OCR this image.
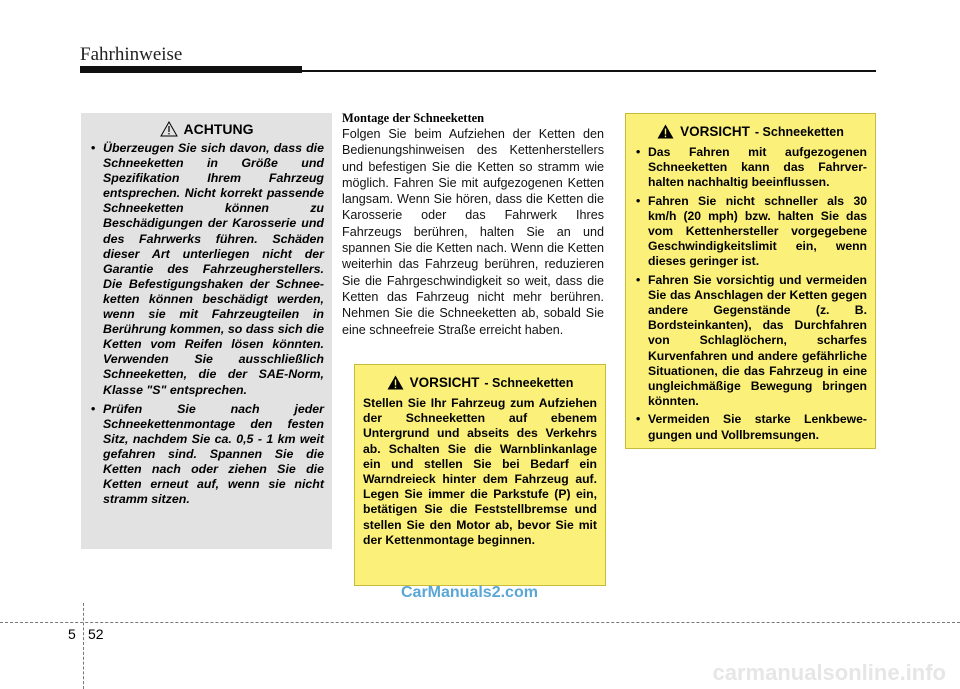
Fahrhinweise
ACHTUNG
• Überzeugen Sie sich davon, dass die Schneeketten in Größe und Spezifikation Ihrem Fahrzeug entsprechen. Nicht korrekt passende Schneeketten können zu Beschädigungen der Karosserie und des Fahrwerks führen. Schäden dieser Art unterliegen nicht der Garantie des Fahrzeugherstellers. Die Befestigungshaken der Schnee-ketten können beschädigt werden, wenn sie mit Fahrzeugteilen in Berührung kommen, so dass sich die Ketten vom Reifen lösen könnten. Verwenden Sie ausschließlich Schneeketten, die der SAE-Norm, Klasse "S" entsprechen.
• Prüfen Sie nach jeder Schneekettenmontage den festen Sitz, nachdem Sie ca. 0,5 - 1 km weit gefahren sind. Spannen Sie die Ketten nach oder ziehen Sie die Ketten erneut auf, wenn sie nicht stramm sitzen.
Montage der Schneeketten
Folgen Sie beim Aufziehen der Ketten den Bedienungshinweisen des Kettenherstellers und befestigen Sie die Ketten so stramm wie möglich. Fahren Sie mit aufgezogenen Ketten langsam. Wenn Sie hören, dass die Ketten die Karosserie oder das Fahrwerk Ihres Fahrzeugs berühren, halten Sie an und spannen Sie die Ketten nach. Wenn die Ketten weiterhin das Fahrzeug berühren, reduzieren Sie die Fahrgeschwindigkeit so weit, dass die Ketten das Fahrzeug nicht mehr berühren. Nehmen Sie die Schneeketten ab, sobald Sie eine schneefreie Straße erreicht haben.
VORSICHT - Schneeketten
Stellen Sie Ihr Fahrzeug zum Aufziehen der Schneeketten auf ebenem Untergrund und abseits des Verkehrs ab. Schalten Sie die Warnblinkanlage ein und stellen Sie bei Bedarf ein Warndreieck hinter dem Fahrzeug auf. Legen Sie immer die Parkstufe (P) ein, betätigen Sie die Feststellbremse und stellen Sie den Motor ab, bevor Sie mit der Kettenmontage beginnen.
VORSICHT - Schneeketten
• Das Fahren mit aufgezogenen Schneeketten kann das Fahrver-halten nachhaltig beeinflussen.
• Fahren Sie nicht schneller als 30 km/h (20 mph) bzw. halten Sie das vom Kettenhersteller vorgegebene Geschwindigkeitslimit ein, wenn dieses geringer ist.
• Fahren Sie vorsichtig und vermeiden Sie das Anschlagen der Ketten gegen andere Gegenstände (z. B. Bordsteinkanten), das Durchfahren von Schlaglöchern, scharfes Kurvenfahren und andere gefährliche Situationen, die das Fahrzeug in eine ungleichmäßige Bewegung bringen könnten.
• Vermeiden Sie starke Lenkbewe-gungen und Vollbremsungen.
CarManuals2.com
5 52
carmanualsonline.info
